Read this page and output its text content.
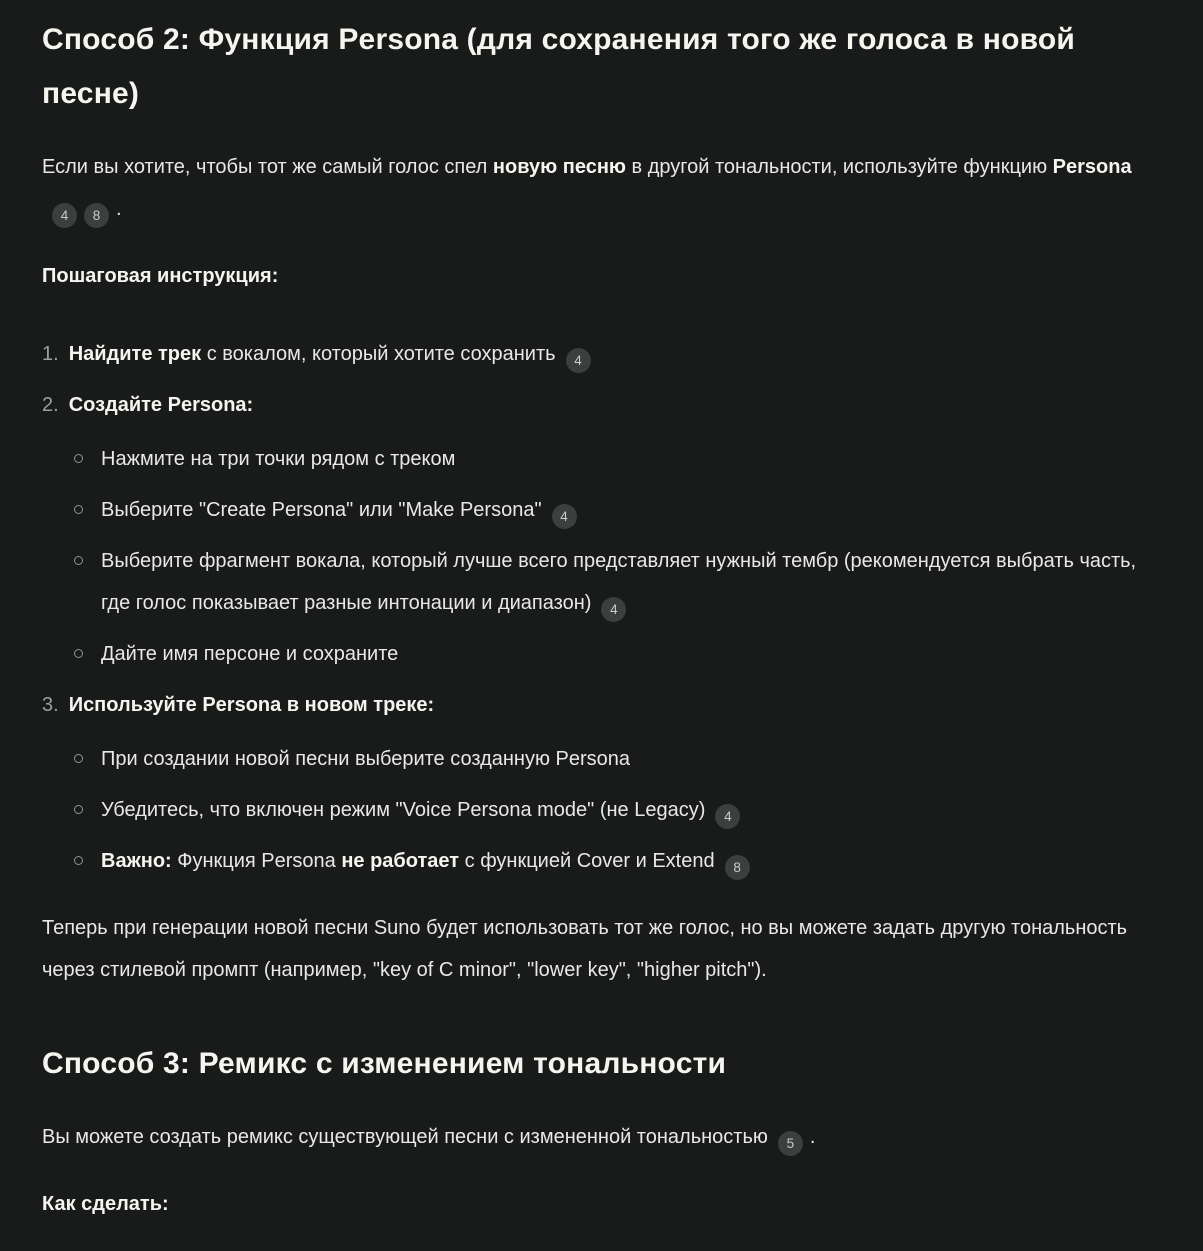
Способ 2: Функция Persona (для сохранения того же голоса в новой песне)

Если вы хотите, чтобы тот же самый голос спел новую песню в другой тональности, используйте функцию Persona4 8 .

Пошаговая инструкция:

1. Найдите трек с вокалом, который хотите сохранить 4
2. Создайте Persona:
Нажмите на три точки рядом с треком
Выберите "Create Persona" или "Make Persona" 4
Выберите фрагмент вокала, который лучше всего представляет нужный тембр (рекомендуется выбрать часть, где голос показывает разные интонации и диапазон) 4
Дайте имя персоне и сохраните
3. Используйте Persona в новом треке:
При создании новой песни выберите созданную Persona
Убедитесь, что включен режим "Voice Persona mode" (не Legacy) 4
Важно: Функция Persona не работает с функцией Cover и Extend 8

Теперь при генерации новой песни Suno будет использовать тот же голос, но вы можете задать другую тональность через стилевой промпт (например, "key of C minor", "lower key", "higher pitch").

Способ 3: Ремикс с изменением тональности

Вы можете создать ремикс существующей песни с измененной тональностью 5 .

Как сделать:
